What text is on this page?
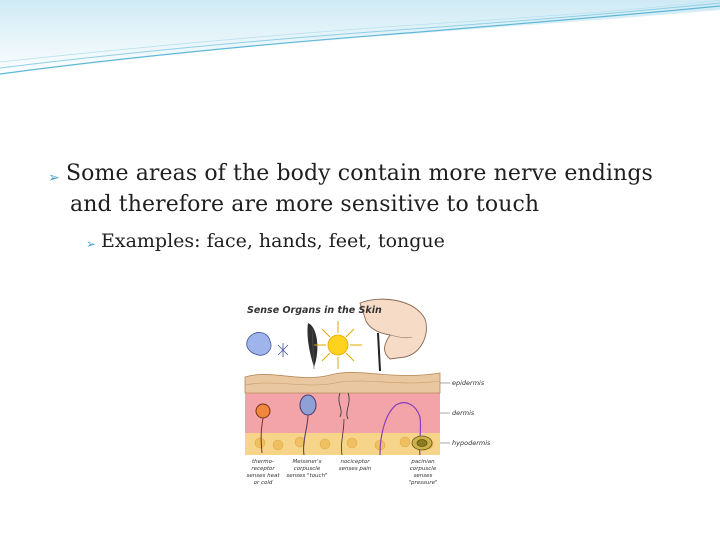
➢ Some areas of the body contain more nerve endings and therefore are more sensitive to touch
➢ Examples: face, hands, feet, tongue
Sense Organs in the Skin
epidermis
dermis
hypodermis
thermo-
receptor
senses heat
or cold
Meissner's
corpuscle
senses "touch"
nociceptor
senses pain
pacinian
corpuscle
senses "pressure"
